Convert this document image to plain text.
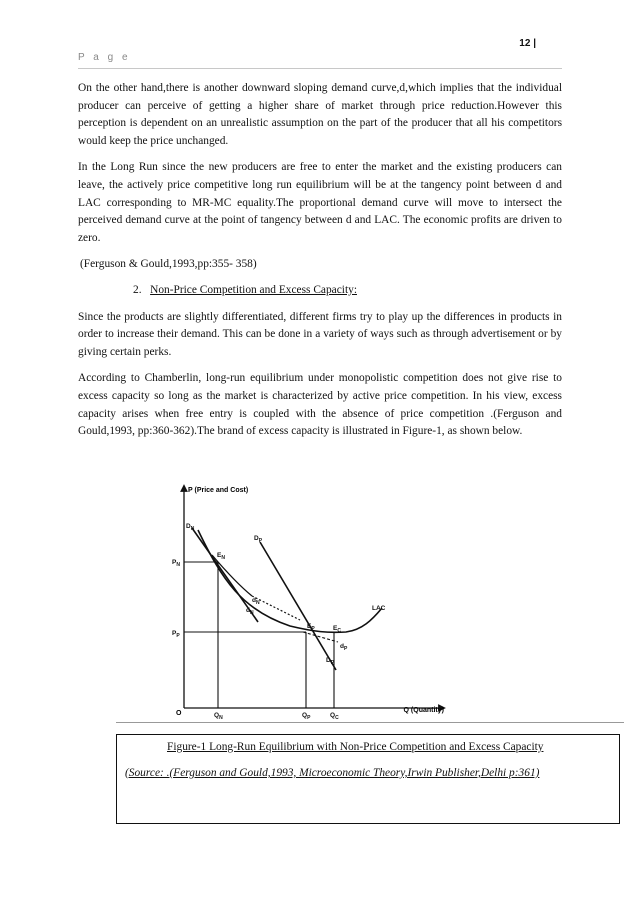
12 |
P a g e

On the other hand,there is another downward sloping demand curve,d,which implies that the individual producer can perceive of getting a higher share of market through price reduction.However this perception is dependent on an unrealistic assumption on the part of the producer that all his competitors would keep the price unchanged.

In the Long Run since the new producers are free to enter the market and the existing producers can leave, the actively price competitive long run equilibrium will be at the tangency point between d and LAC corresponding to MR-MC equality.The proportional demand curve will move to intersect the perceived demand curve at the point of tangency between d and LAC. The economic profits are driven to zero.

(Ferguson & Gould,1993,pp:355- 358)

2. Non-Price Competition and Excess Capacity:

Since the products are slightly differentiated, different firms try to play up the differences in products in order to increase their demand. This can be done in a variety of ways such as through advertisement or by giving certain perks.

According to Chamberlin, long-run equilibrium under monopolistic competition does not give rise to excess capacity so long as the market is characterized by active price competition. In his view, excess capacity arises when free entry is coupled with the absence of price competition .(Ferguson and Gould,1993, pp:360-362).The brand of excess capacity is illustrated in Figure-1, as shown below.

P (Price and Cost)
Q (Quantity)
O
$D_N$
$D_P$
$E_N$
$d_N$
$d_N$
$E_P$	$E_C$
LAC
$D_P$
$d_P$
$P_N$
$P_P$
$Q_N$	$Q_P$	$Q_C$
Figure-1 Long-Run Equilibrium with Non-Price Competition and Excess Capacity
(Source: .(Ferguson and Gould,1993, Microeconomic Theory,Irwin Publisher,Delhi p:361)
